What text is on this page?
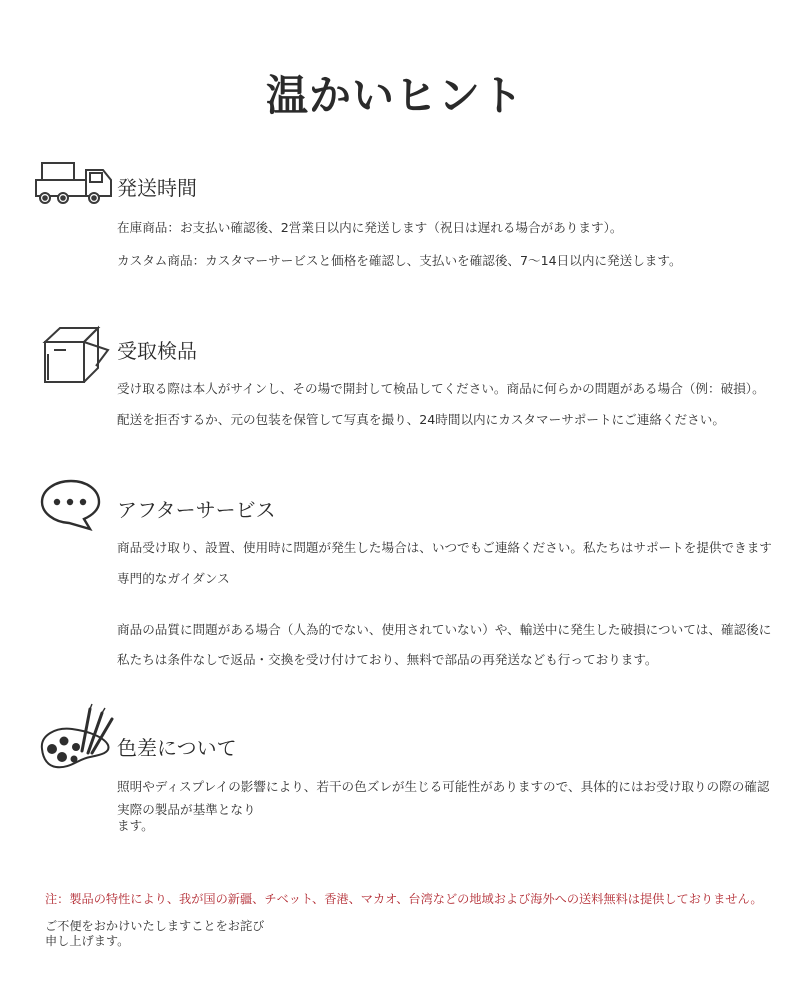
温かいヒント
発送時間
在庫商品：お支払い確認後、2営業日以内に発送します（祝日は遅れる場合があります）。
カスタム商品：カスタマーサービスと価格を確認し、支払いを確認後、7～14日以内に発送します。
受取検品
受け取る際は本人がサインし、その場で開封して検品してください。商品に何らかの問題がある場合（例：破損）。
配送を拒否するか、元の包装を保管して写真を撮り、24時間以内にカスタマーサポートにご連絡ください。
アフターサービス
商品受け取り、設置、使用時に問題が発生した場合は、いつでもご連絡ください。私たちはサポートを提供できます
専門的なガイダンス
商品の品質に問題がある場合（人為的でない、使用されていない）や、輸送中に発生した破損については、確認後に
私たちは条件なしで返品・交換を受け付けており、無料で部品の再発送なども行っております。
色差について
照明やディスプレイの影響により、若干の色ズレが生じる可能性がありますので、具体的にはお受け取りの際の確認
実際の製品が基準となります。
注：製品の特性により、我が国の新疆、チベット、香港、マカオ、台湾などの地域および海外への送料無料は提供しておりません。
ご不便をおかけいたしますことをお詫び申し上げます。
